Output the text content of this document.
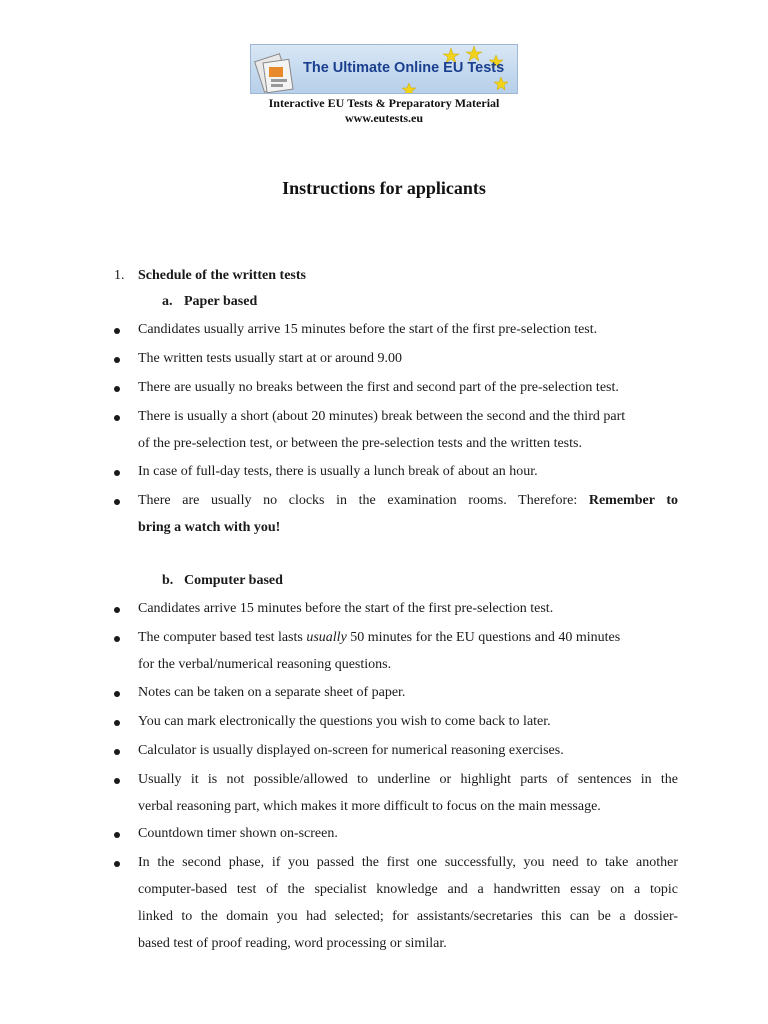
The Ultimate Online EU Tests
Interactive EU Tests & Preparatory Material
www.eutests.eu
Instructions for applicants
1. Schedule of the written tests
a. Paper based
Candidates usually arrive 15 minutes before the start of the first pre-selection test.
The written tests usually start at or around 9.00
There are usually no breaks between the first and second part of the pre-selection test.
There is usually a short (about 20 minutes) break between the second and the third part
of the pre-selection test, or between the pre-selection tests and the written tests.
In case of full-day tests, there is usually a lunch break of about an hour.
There are usually no clocks in the examination rooms. Therefore: Remember to
bring a watch with you!
b. Computer based
Candidates arrive 15 minutes before the start of the first pre-selection test.
The computer based test lasts usually 50 minutes for the EU questions and 40 minutes
for the verbal/numerical reasoning questions.
Notes can be taken on a separate sheet of paper.
You can mark electronically the questions you wish to come back to later.
Calculator is usually displayed on-screen for numerical reasoning exercises.
Usually it is not possible/allowed to underline or highlight parts of sentences in the
verbal reasoning part, which makes it more difficult to focus on the main message.
Countdown timer shown on-screen.
In the second phase, if you passed the first one successfully, you need to take another
computer-based test of the specialist knowledge and a handwritten essay on a topic
linked to the domain you had selected; for assistants/secretaries this can be a dossier-
based test of proof reading, word processing or similar.
